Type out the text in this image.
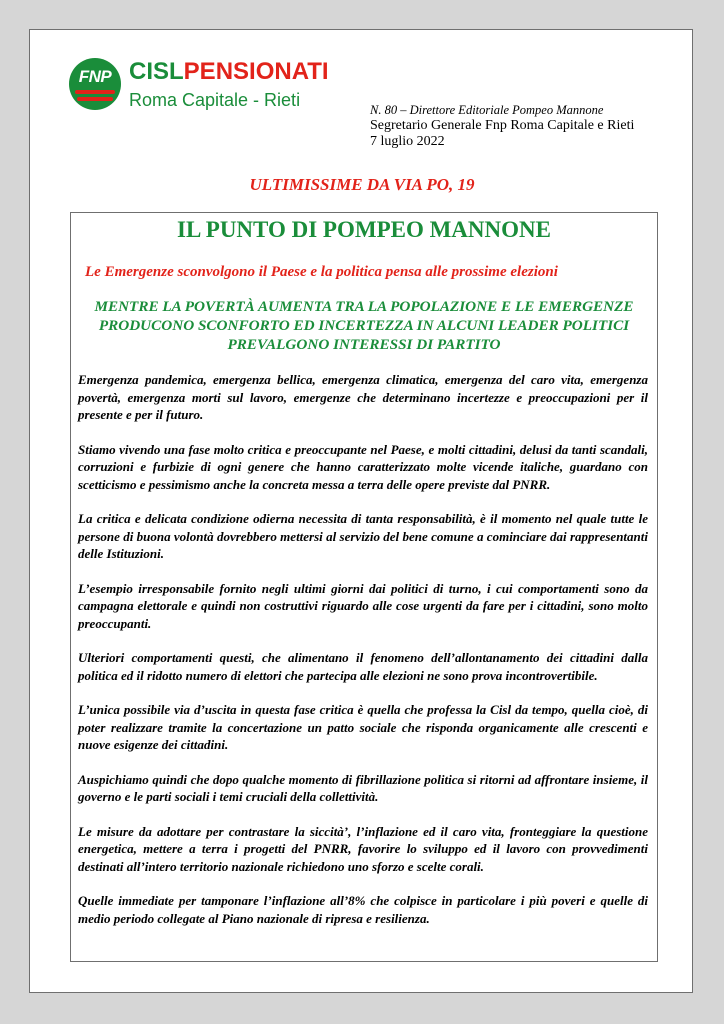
FNP CISLPENSIONATI
Roma Capitale - Rieti	N. 80 – Direttore Editoriale Pompeo Mannone
Segretario Generale Fnp Roma Capitale e Rieti
7 luglio 2022
ULTIMISSIME DA VIA PO, 19
IL PUNTO DI POMPEO MANNONE
Le Emergenze sconvolgono il Paese e la politica pensa alle prossime elezioni
MENTRE LA POVERTÀ AUMENTA TRA LA POPOLAZIONE E LE EMERGENZE PRODUCONO SCONFORTO ED INCERTEZZA IN ALCUNI LEADER POLITICI PREVALGONO INTERESSI DI PARTITO

Emergenza pandemica, emergenza bellica, emergenza climatica, emergenza del caro vita, emergenza povertà, emergenza morti sul lavoro, emergenze che determinano incertezze e preoccupazioni per il presente e per il futuro.

Stiamo vivendo una fase molto critica e preoccupante nel Paese, e molti cittadini, delusi da tanti scandali, corruzioni e furbizie di ogni genere che hanno caratterizzato molte vicende italiche, guardano con scetticismo e pessimismo anche la concreta messa a terra delle opere previste dal PNRR.

La critica e delicata condizione odierna necessita di tanta responsabilità, è il momento nel quale tutte le persone di buona volontà dovrebbero mettersi al servizio del bene comune a cominciare dai rappresentanti delle Istituzioni.

L’esempio irresponsabile fornito negli ultimi giorni dai politici di turno, i cui comportamenti sono da campagna elettorale e quindi non costruttivi riguardo alle cose urgenti da fare per i cittadini, sono molto preoccupanti.

Ulteriori comportamenti questi, che alimentano il fenomeno dell’allontanamento dei cittadini dalla politica ed il ridotto numero di elettori che partecipa alle elezioni ne sono prova incontrovertibile.

L’unica possibile via d’uscita in questa fase critica è quella che professa la Cisl da tempo, quella cioè, di poter realizzare tramite la concertazione un patto sociale che risponda organicamente alle crescenti e nuove esigenze dei cittadini.

Auspichiamo quindi che dopo qualche momento di fibrillazione politica si ritorni ad affrontare insieme, il governo e le parti sociali i temi cruciali della collettività.

Le misure da adottare per contrastare la siccità’, l’inflazione ed il caro vita, fronteggiare la questione energetica, mettere a terra i progetti del PNRR, favorire lo sviluppo ed il lavoro con provvedimenti destinati all’intero territorio nazionale richiedono uno sforzo e scelte corali.

Quelle immediate per tamponare l’inflazione all’8% che colpisce in particolare i più poveri e quelle di medio periodo collegate al Piano nazionale di ripresa e resilienza.
